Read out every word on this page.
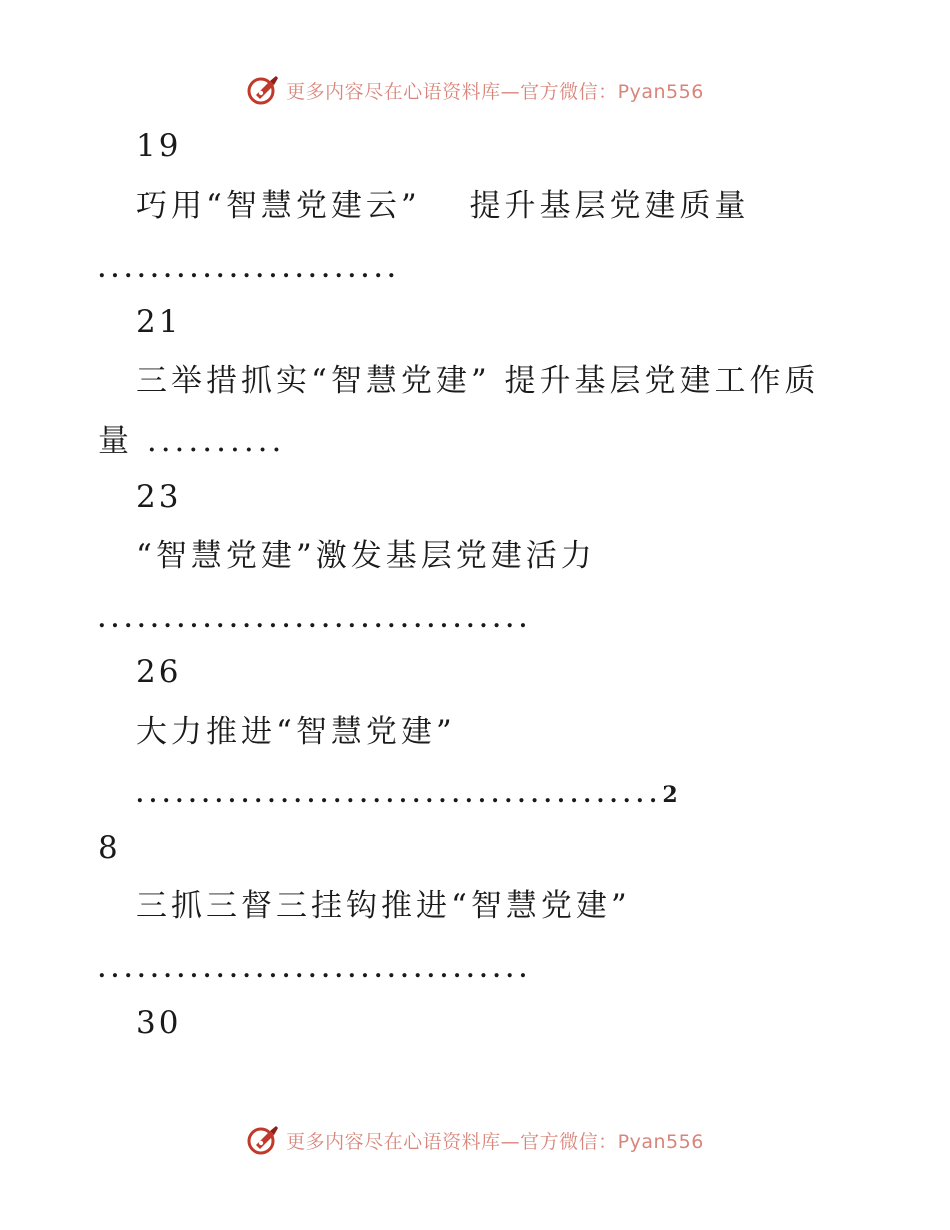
更多内容尽在心语资料库—官方微信：Pyan556
19
巧用“智慧党建云”　 提升基层党建质量
.......................
21
三举措抓实“智慧党建” 提升基层党建工作质
量 ..........
23
“智慧党建”激发基层党建活力
.................................
26
大力推进“智慧党建”
........................................2
8
三抓三督三挂钩推进“智慧党建”
.................................
30
更多内容尽在心语资料库—官方微信：Pyan556
